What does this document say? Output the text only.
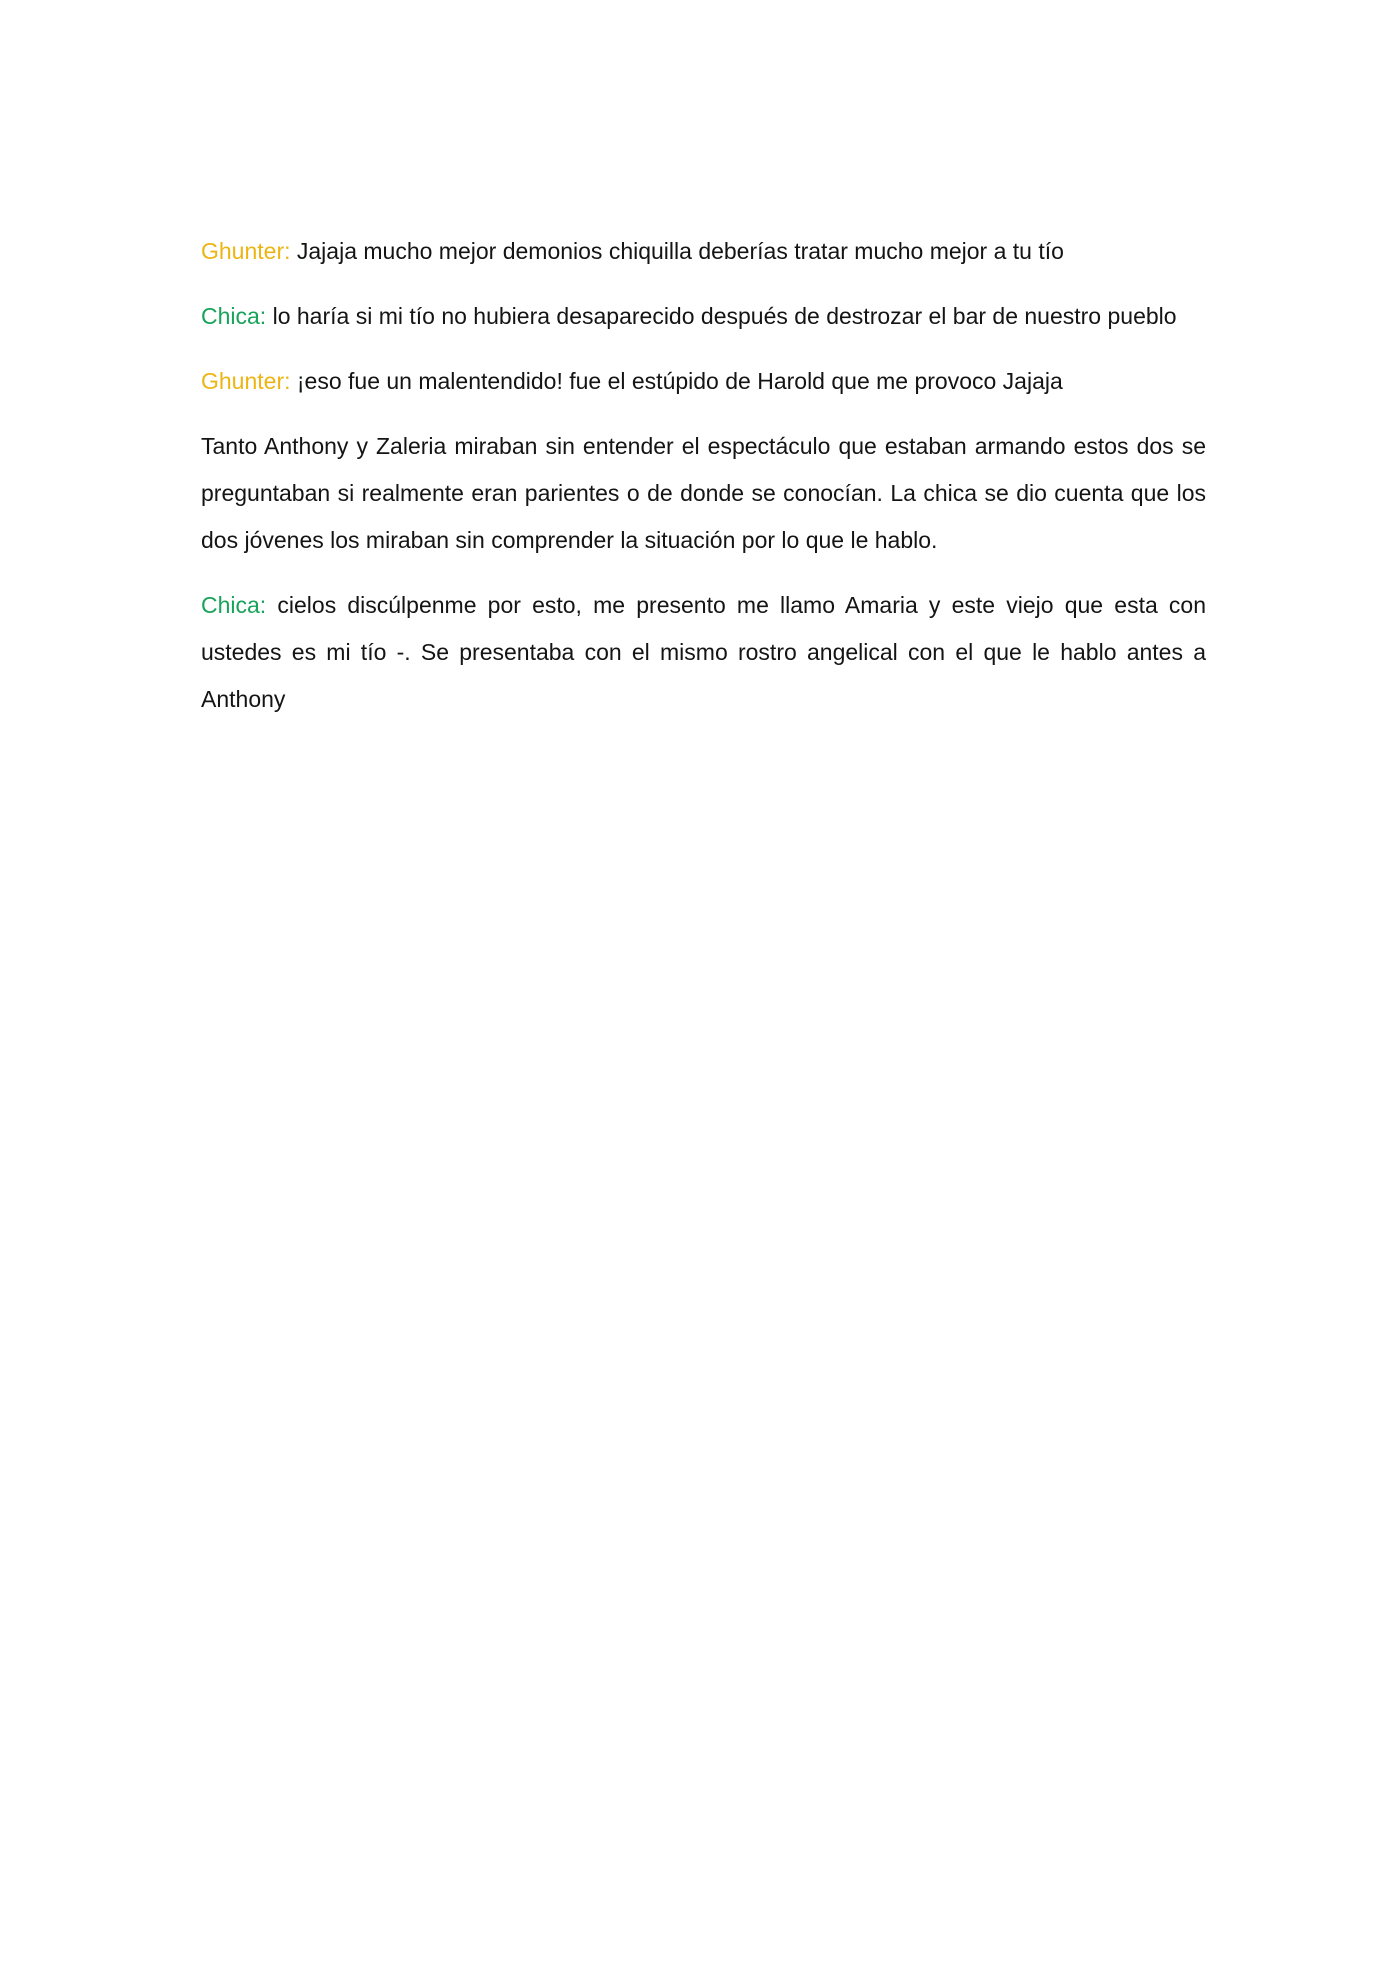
Ghunter: Jajaja mucho mejor demonios chiquilla deberías tratar mucho mejor a tu tío

Chica: lo haría si mi tío no hubiera desaparecido después de destrozar el bar de nuestro pueblo

Ghunter: ¡eso fue un malentendido! fue el estúpido de Harold que me provoco Jajaja

Tanto Anthony y Zaleria miraban sin entender el espectáculo que estaban armando estos dos se preguntaban si realmente eran parientes o de donde se conocían. La chica se dio cuenta que los dos jóvenes los miraban sin comprender la situación por lo que le hablo.

Chica: cielos discúlpenme por esto, me presento me llamo Amaria y este viejo que esta con ustedes es mi tío -. Se presentaba con el mismo rostro angelical con el que le hablo antes a Anthony
